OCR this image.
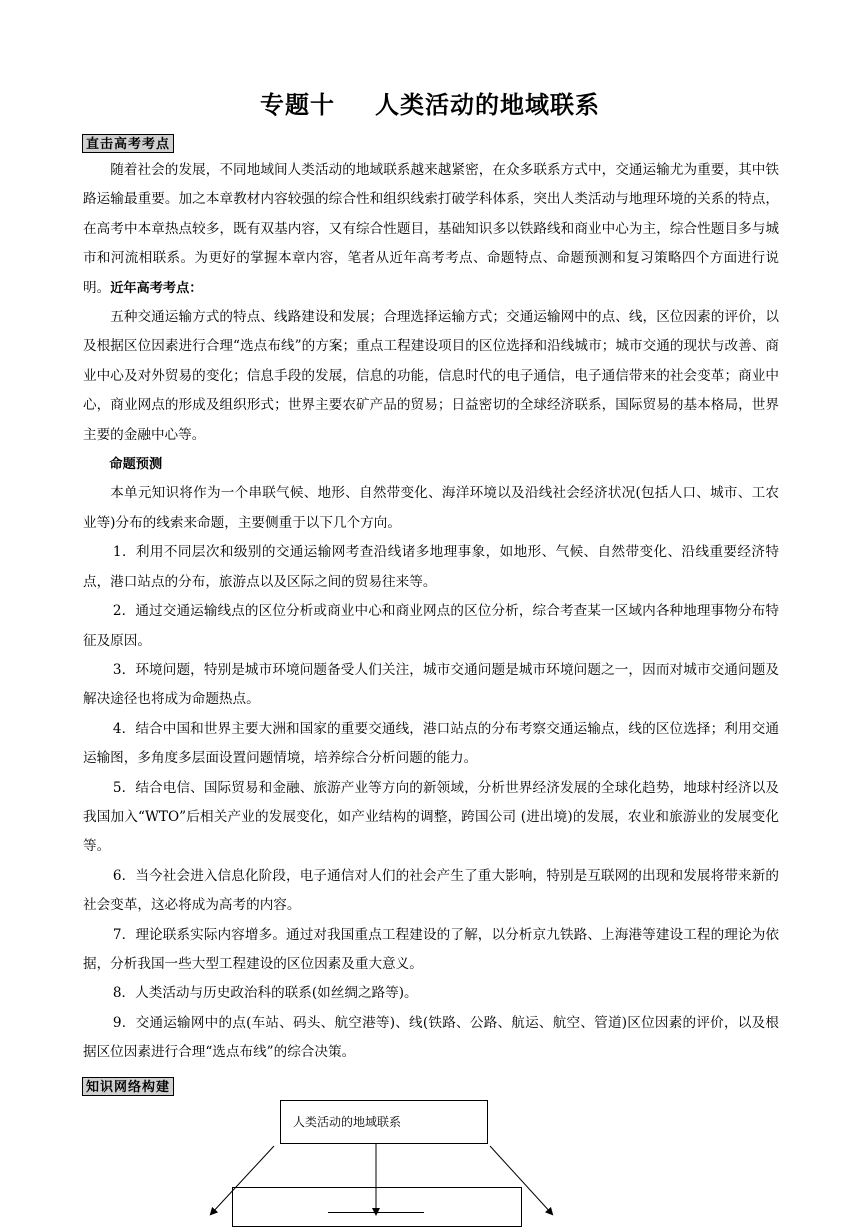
专题十 人类活动的地域联系
直击高考考点

随着社会的发展，不同地域间人类活动的地域联系越来越紧密，在众多联系方式中，交通运输尤为重要，其中铁路运输最重要。加之本章教材内容较强的综合性和组织线索打破学科体系，突出人类活动与地理环境的关系的特点，在高考中本章热点较多，既有双基内容，又有综合性题目，基础知识多以铁路线和商业中心为主，综合性题目多与城市和河流相联系。为更好的掌握本章内容，笔者从近年高考考点、命题特点、命题预测和复习策略四个方面进行说明。近年高考考点：

五种交通运输方式的特点、线路建设和发展；合理选择运输方式；交通运输网中的点、线，区位因素的评价，以及根据区位因素进行合理“选点布线”的方案；重点工程建设项目的区位选择和沿线城市；城市交通的现状与改善、商业中心及对外贸易的变化；信息手段的发展，信息的功能，信息时代的电子通信，电子通信带来的社会变革；商业中心，商业网点的形成及组织形式；世界主要农矿产品的贸易；日益密切的全球经济联系，国际贸易的基本格局，世界主要的金融中心等。

命题预测

本单元知识将作为一个串联气候、地形、自然带变化、海洋环境以及沿线社会经济状况(包括人口、城市、工农业等)分布的线索来命题，主要侧重于以下几个方向。

1．利用不同层次和级别的交通运输网考查沿线诸多地理事象，如地形、气候、自然带变化、沿线重要经济特点，港口站点的分布，旅游点以及区际之间的贸易往来等。

2．通过交通运输线点的区位分析或商业中心和商业网点的区位分析，综合考查某一区域内各种地理事物分布特征及原因。

3．环境问题，特别是城市环境问题备受人们关注，城市交通问题是城市环境问题之一，因而对城市交通问题及解决途径也将成为命题热点。

4．结合中国和世界主要大洲和国家的重要交通线，港口站点的分布考察交通运输点，线的区位选择；利用交通运输图，多角度多层面设置问题情境，培养综合分析问题的能力。

5．结合电信、国际贸易和金融、旅游产业等方向的新领域，分析世界经济发展的全球化趋势，地球村经济以及我国加入“WTO”后相关产业的发展变化，如产业结构的调整，跨国公司 (进出境)的发展，农业和旅游业的发展变化等。

6．当今社会进入信息化阶段，电子通信对人们的社会产生了重大影响，特别是互联网的出现和发展将带来新的社会变革，这必将成为高考的内容。

7．理论联系实际内容增多。通过对我国重点工程建设的了解，以分析京九铁路、上海港等建设工程的理论为依据，分析我国一些大型工程建设的区位因素及重大意义。

8．人类活动与历史政治科的联系(如丝绸之路等)。

9．交通运输网中的点(车站、码头、航空港等)、线(铁路、公路、航运、航空、管道)区位因素的评价，以及根据区位因素进行合理“选点布线”的综合决策。

知识网络构建
人类活动的地域联系
